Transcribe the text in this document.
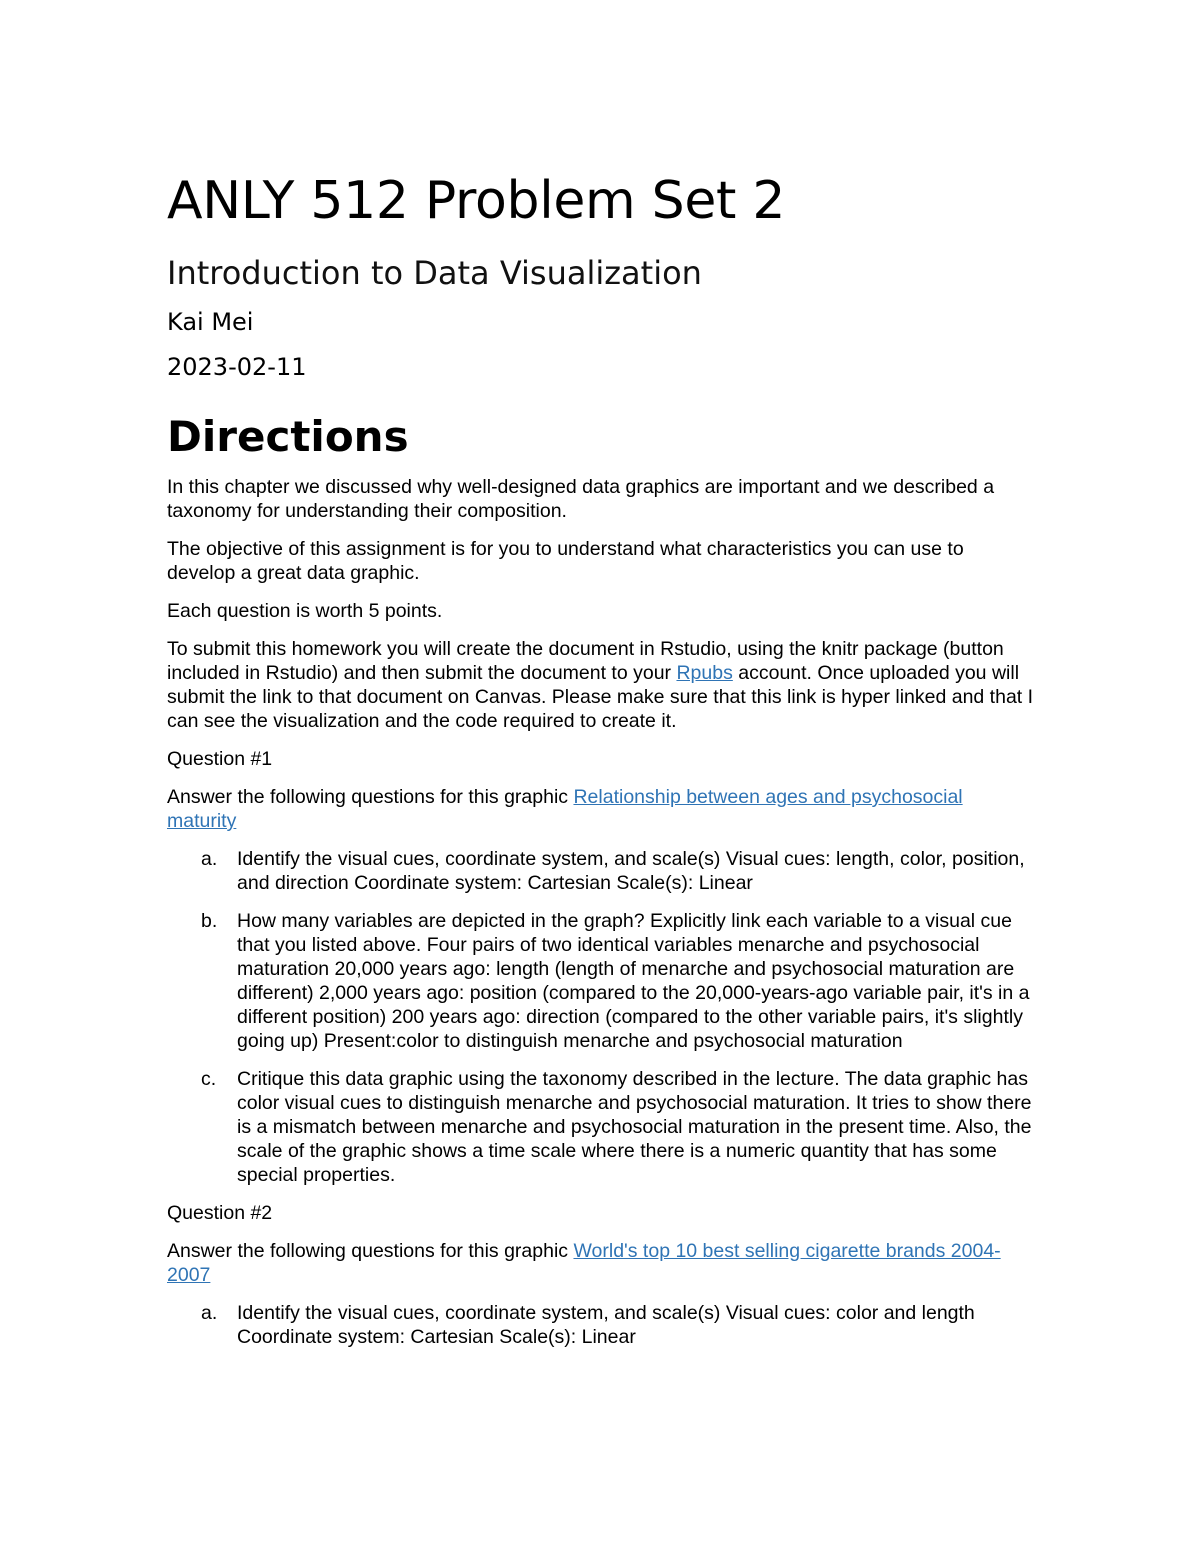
ANLY 512 Problem Set 2
Introduction to Data Visualization
Kai Mei
2023-02-11
Directions

In this chapter we discussed why well-designed data graphics are important and we described a taxonomy for understanding their composition.

The objective of this assignment is for you to understand what characteristics you can use to develop a great data graphic.

Each question is worth 5 points.

To submit this homework you will create the document in Rstudio, using the knitr package (button included in Rstudio) and then submit the document to your Rpubs account. Once uploaded you will submit the link to that document on Canvas. Please make sure that this link is hyper linked and that I can see the visualization and the code required to create it.

Question #1

Answer the following questions for this graphic Relationship between ages and psychosocial maturity

a. Identify the visual cues, coordinate system, and scale(s) Visual cues: length, color, position, and direction Coordinate system: Cartesian Scale(s): Linear
b. How many variables are depicted in the graph? Explicitly link each variable to a visual cue that you listed above. Four pairs of two identical variables menarche and psychosocial maturation 20,000 years ago: length (length of menarche and psychosocial maturation are different) 2,000 years ago: position (compared to the 20,000-years-ago variable pair, it's in a different position) 200 years ago: direction (compared to the other variable pairs, it's slightly going up) Present:color to distinguish menarche and psychosocial maturation
c. Critique this data graphic using the taxonomy described in the lecture. The data graphic has color visual cues to distinguish menarche and psychosocial maturation. It tries to show there is a mismatch between menarche and psychosocial maturation in the present time. Also, the scale of the graphic shows a time scale where there is a numeric quantity that has some special properties.

Question #2

Answer the following questions for this graphic World's top 10 best selling cigarette brands 2004-2007

a. Identify the visual cues, coordinate system, and scale(s) Visual cues: color and length Coordinate system: Cartesian Scale(s): Linear
